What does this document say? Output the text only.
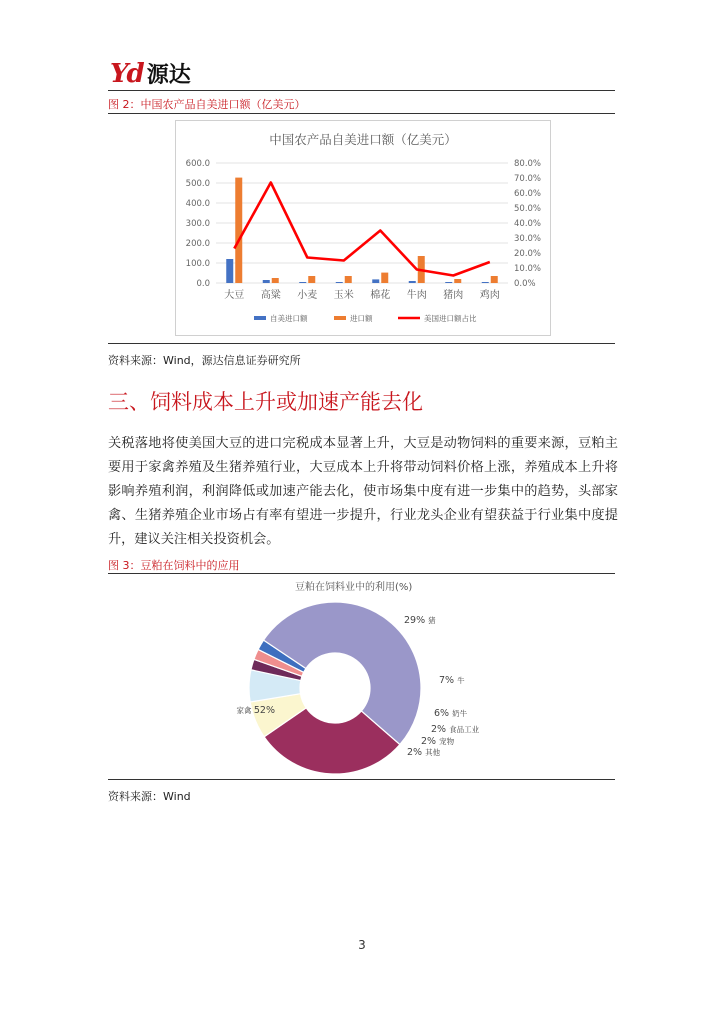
Yd 源达
图 2：中国农产品自美进口额（亿美元）
中国农产品自美进口额（亿美元）
0.0
100.0
200.0
300.0
400.0
500.0
600.0
0.0%
10.0%
20.0%
30.0%
40.0%
50.0%
60.0%
70.0%
80.0%
大豆 高粱 小麦 玉米 棉花 牛肉 猪肉 鸡肉
自美进口额	进口额	美国进口额占比
资料来源：Wind，源达信息证券研究所
三、饲料成本上升或加速产能去化

关税落地将使美国大豆的进口完税成本显著上升，大豆是动物饲料的重要来源，豆粕主要用于家禽养殖及生猪养殖行业，大豆成本上升将带动饲料价格上涨，养殖成本上升将影响养殖利润，利润降低或加速产能去化，使市场集中度有进一步集中的趋势，头部家禽、生猪养殖企业市场占有率有望进一步提升，行业龙头企业有望获益于行业集中度提升，建议关注相关投资机会。

图 3：豆粕在饲料中的应用
豆粕在饲料业中的利用(%)
29% 猪
7% 牛
6% 奶牛
2% 食品工业
2% 宠物
2% 其他
家禽 52%
资料来源：Wind
3
